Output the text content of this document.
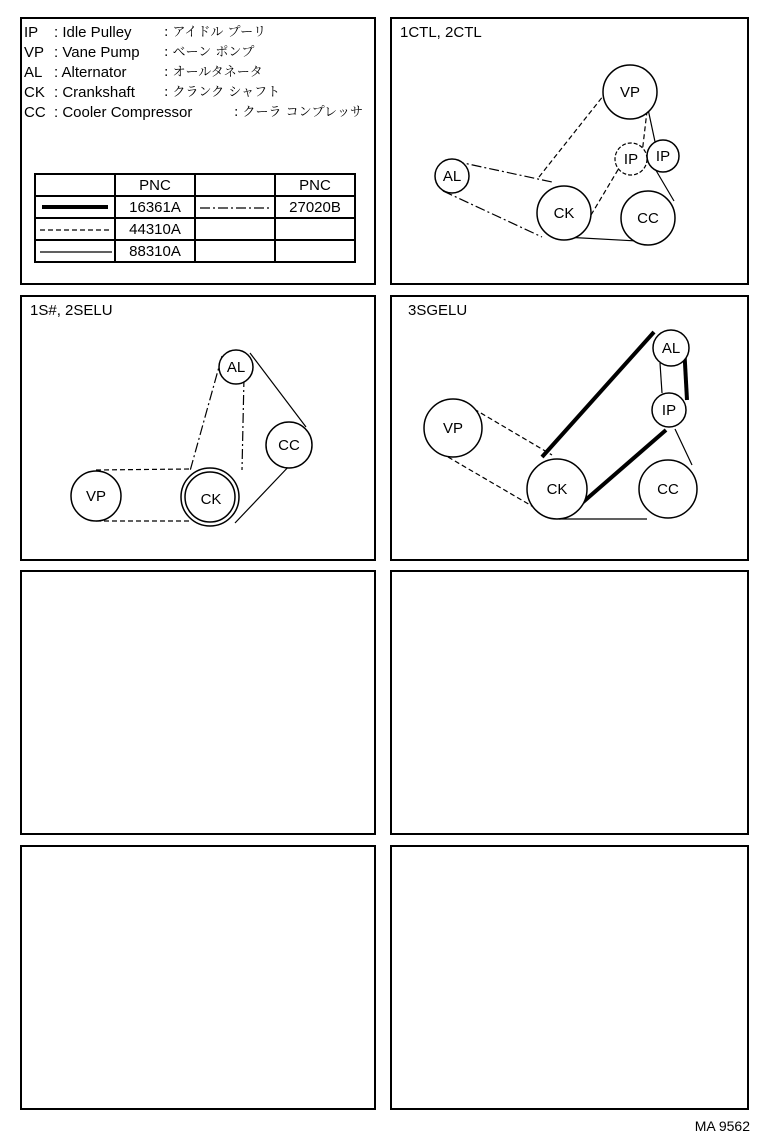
IP : Idle Pulley : アイドル プーリ
VP : Vane Pump : ベーン ポンプ
AL : Alternator	: オールタネータ
CK : Crankshaft : クランク シャフト
CC : Cooler Compressor	: クーラ コンプレッサ
	PNC		PNC

	16361A		27020B

	44310A		

	88310A		
1CTL, 2CTL
VP
IP IP
AL
CK	CC
1S#, 2SELU
AL
CC
VP	CK
3SGELU
AL
IP
VP
CK	CC
MA 9562
